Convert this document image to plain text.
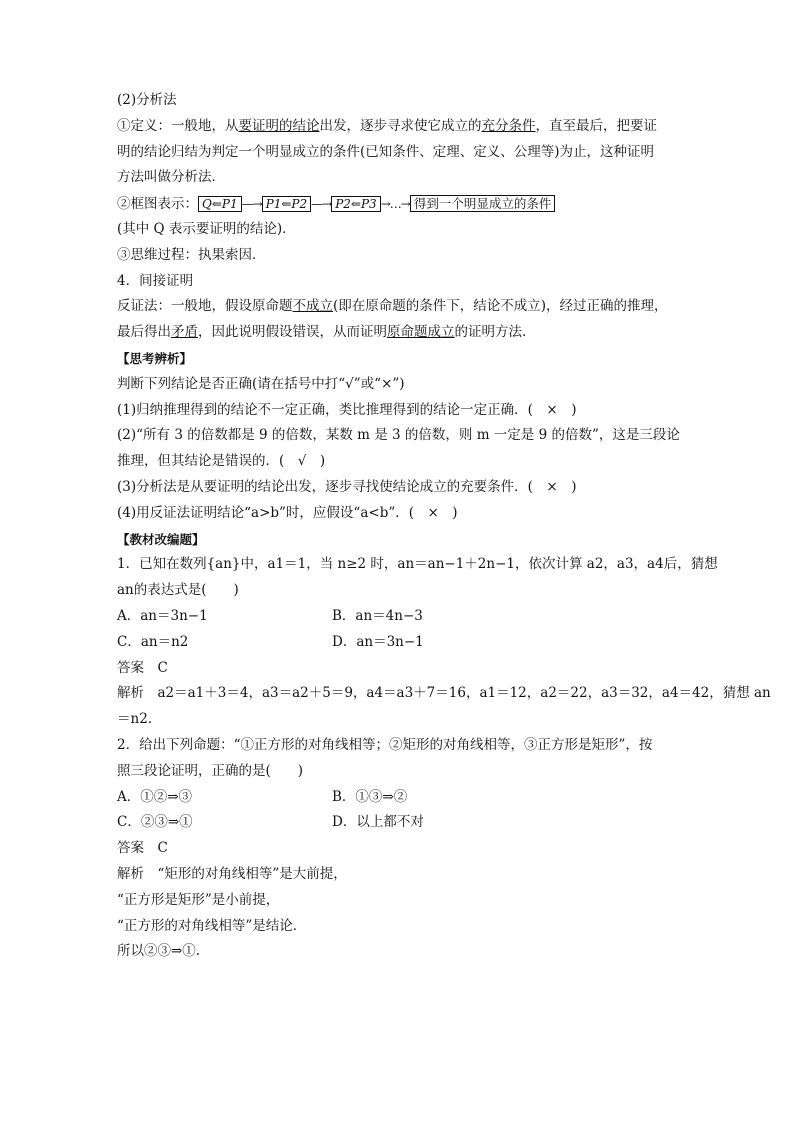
(2)分析法
①定义：一般地，从要证明的结论出发，逐步寻求使它成立的充分条件，直至最后，把要证
明的结论归结为判定一个明显成立的条件(已知条件、定理、定义、公理等)为止，这种证明
方法叫做分析法．
②框图表示： Q⇐P1 —→ P1⇐P2 —→ P2⇐P3 →…→ 得到一个明显成立的条件
(其中 Q 表示要证明的结论)．
③思维过程：执果索因．
4．间接证明
反证法：一般地，假设原命题不成立(即在原命题的条件下，结论不成立)，经过正确的推理，
最后得出矛盾，因此说明假设错误，从而证明原命题成立的证明方法．
【思考辨析】
判断下列结论是否正确(请在括号中打“√”或“×”)
(1)归纳推理得到的结论不一定正确，类比推理得到的结论一定正确．(　×　)
(2)“所有 3 的倍数都是 9 的倍数，某数 m 是 3 的倍数，则 m 一定是 9 的倍数”，这是三段论
推理，但其结论是错误的．(　√　)
(3)分析法是从要证明的结论出发，逐步寻找使结论成立的充要条件．(　×　)
(4)用反证法证明结论“a>b”时，应假设“a<b”．(　×　)
【教材改编题】
1．已知在数列{an}中，a1＝1，当 n≥2 时，an＝an−1＋2n−1，依次计算 a2，a3，a4后，猜想
an的表达式是(　　)
A．an＝3n−1	B．an＝4n−3
C．an＝n2	D．an＝3n−1
答案　C
解析　a2＝a1＋3＝4，a3＝a2＋5＝9，a4＝a3＋7＝16，a1＝12，a2＝22，a3＝32，a4＝42，猜想 an
＝n2.
2．给出下列命题：“①正方形的对角线相等；②矩形的对角线相等，③正方形是矩形”，按
照三段论证明，正确的是(　　)
A．①②⇒③	B．①③⇒②
C．②③⇒①	D．以上都不对
答案　C
解析　“矩形的对角线相等”是大前提，
“正方形是矩形”是小前提，
“正方形的对角线相等”是结论．
所以②③⇒①.
